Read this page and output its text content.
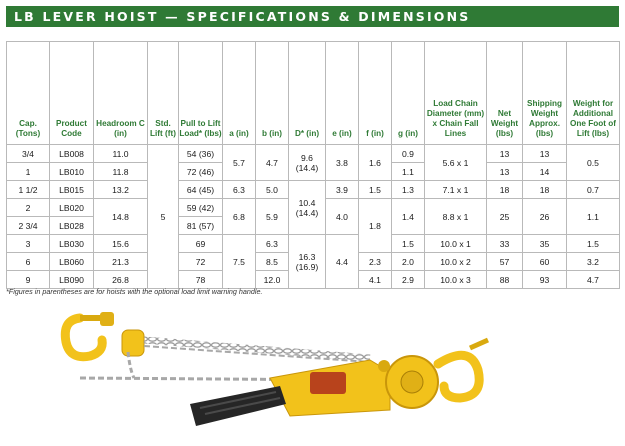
LB LEVER HOIST — SPECIFICATIONS & DIMENSIONS
Cap. (Tons)	Product Code	Headroom C (in)	Std. Lift (ft)	Pull to Lift Load* (lbs)	a (in)	b (in)	D* (in)	e (in)	f (in)	g (in)	Load Chain Diameter (mm) x Chain Fall Lines	Net Weight (lbs)	Shipping Weight Approx. (lbs)	Weight for Additional One Foot of Lift (lbs)
3/4	LB008	11.0	5	54 (36)	5.7	4.7	9.6 (14.4)	3.8	1.6	0.9	5.6 x 1	13	13	0.5
1	LB010	11.8		72 (46)						1.1		13	14	
1 1/2	LB015	13.2		64 (45)	6.3	5.0	10.4 (14.4)	3.9	1.5	1.3	7.1 x 1	18	18	0.7
2	LB020	14.8		59 (42)	6.8	5.9		4.0	1.8	1.4	8.8 x 1	25	26	1.1
2 3/4	LB028			81 (57)										
3	LB030	15.6		69	7.5	6.3	16.3 (16.9)	4.4		1.5	10.0 x 1	33	35	1.5
6	LB060	21.3		72		8.5			2.3	2.0	10.0 x 2	57	60	3.2
9	LB090	26.8		78		12.0			4.1	2.9	10.0 x 3	88	93	4.7
*Figures in parentheses are for hoists with the optional load limit warning handle.
